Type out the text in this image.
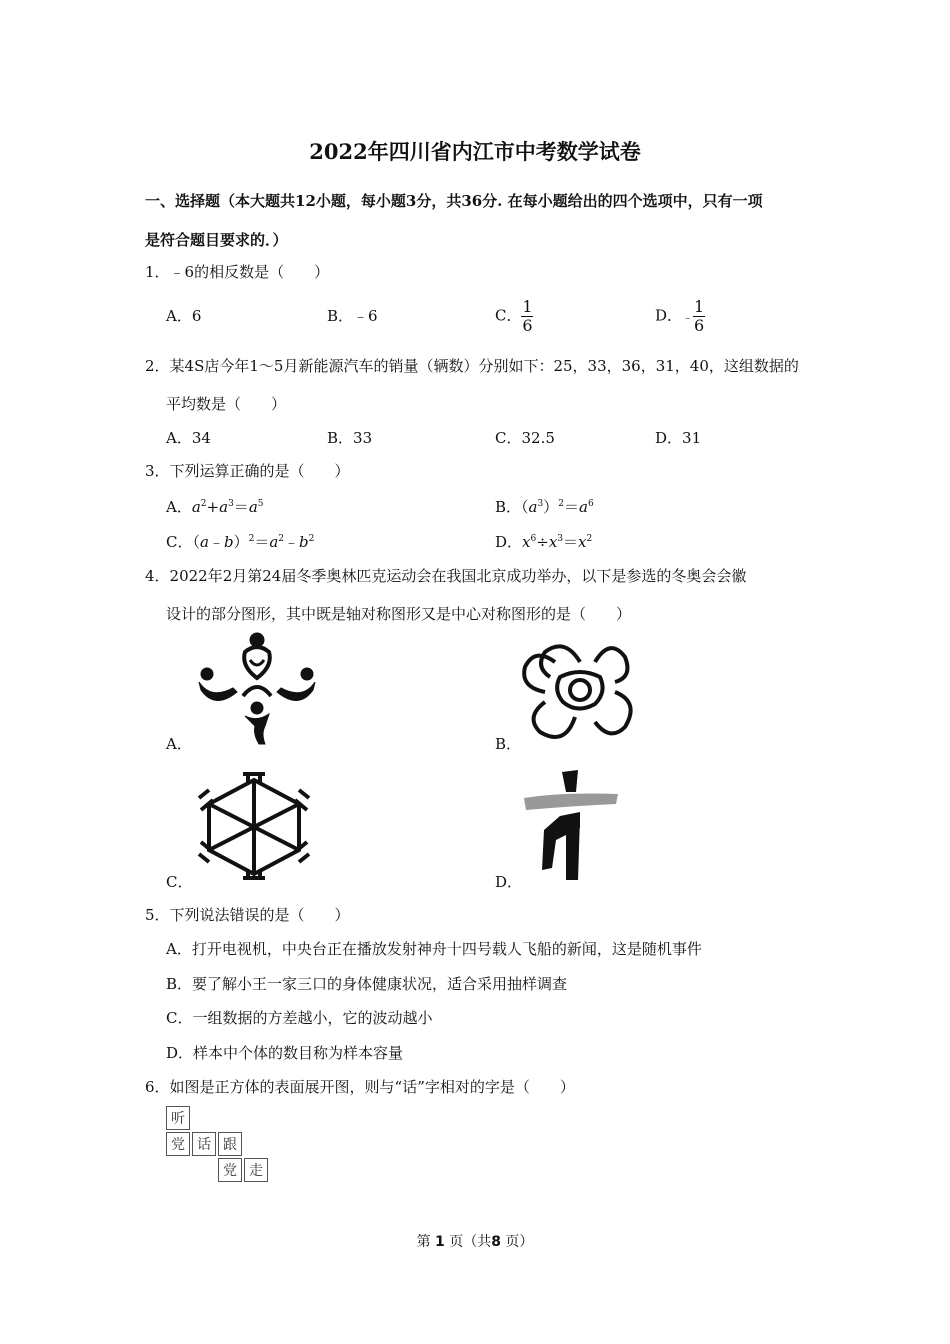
2022年四川省内江市中考数学试卷
一、选择题（本大题共12小题，每小题3分，共36分. 在每小题给出的四个选项中，只有一项
是符合题目要求的．）
1．﹣6的相反数是（　　）
A．6	B．﹣6	C． $\frac{1}{6}$	D．﹣ $\frac{1}{6}$
2．某4S店今年1～5月新能源汽车的销量（辆数）分别如下：25，33，36，31，40，这组数据的
平均数是（　　）
A．34	B．33	C．32.5	D．31
3．下列运算正确的是（　　）
A．$a^2+a^3=a^5$	B．$(a^3)^2=a^6$
C．$(a﹣b)^2=a^2﹣b^2$	D．$x^6\div x^3=x^2$
4．2022年2月第24届冬季奥林匹克运动会在我国北京成功举办，以下是参选的冬奥会会徽
设计的部分图形，其中既是轴对称图形又是中心对称图形的是（　　）
A．	B．
C．	D．
5．下列说法错误的是（　　）
A．打开电视机，中央台正在播放发射神舟十四号载人飞船的新闻，这是随机事件
B．要了解小王一家三口的身体健康状况，适合采用抽样调查
C．一组数据的方差越小，它的波动越小
D．样本中个体的数目称为样本容量
6．如图是正方体的表面展开图，则与“话”字相对的字是（　　）
听
党 话 跟
党 走
第 1 页（共8 页）
